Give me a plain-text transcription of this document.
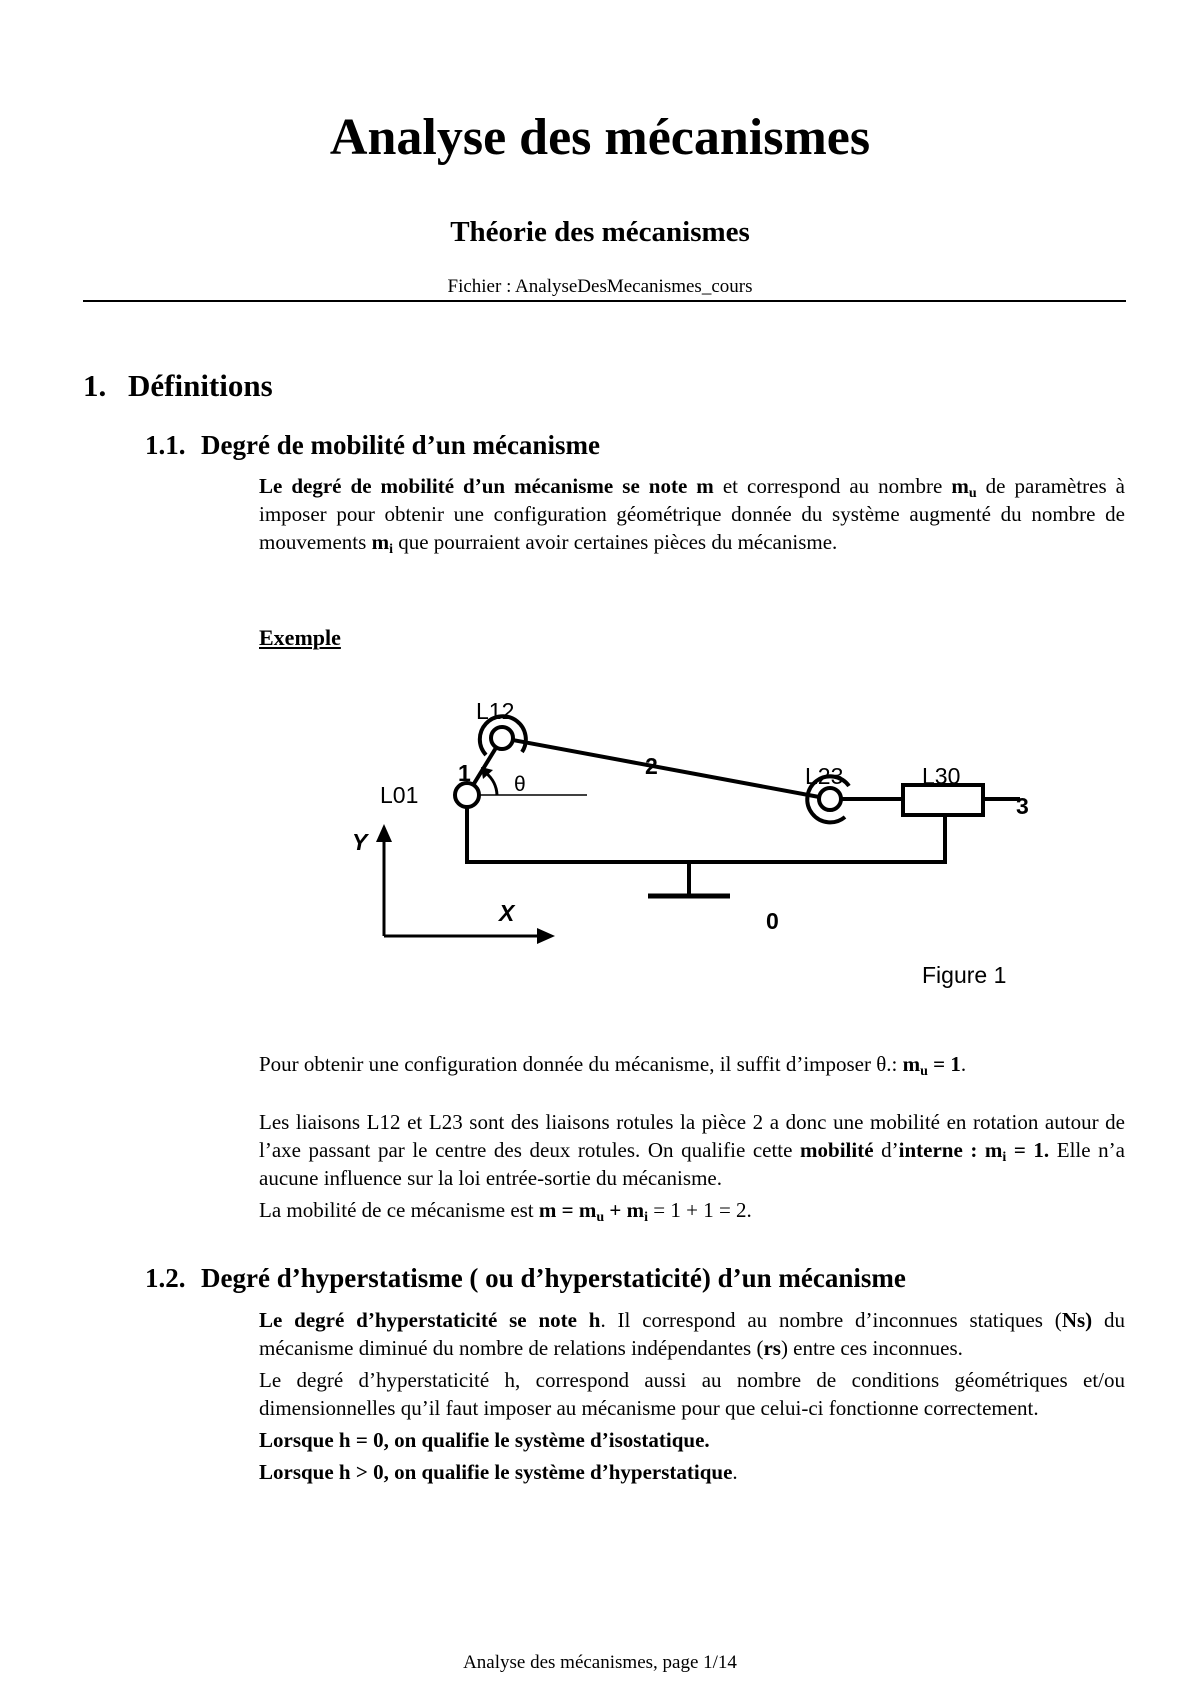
Analyse des mécanismes
Théorie des mécanismes
Fichier : AnalyseDesMecanismes_cours
1. Définitions
1.1. Degré de mobilité d’un mécanisme

Le degré de mobilité d’un mécanisme se note m et correspond au nombre $m_u$ de paramètres à imposer pour obtenir une configuration géométrique donnée du système augmenté du nombre de mouvements $m_i$ que pourraient avoir certaines pièces du mécanisme.

Exemple
L12
2	L23	L30
3
1 θ
L01
Y
X	0
Figure 1

Pour obtenir une configuration donnée du mécanisme, il suffit d’imposer θ.: $m_u = 1$.

Les liaisons L12 et L23 sont des liaisons rotules la pièce 2 a donc une mobilité en rotation autour de l’axe passant par le centre des deux rotules. On qualifie cette mobilité d’interne : $m_i = 1$. Elle n’a aucune influence sur la loi entrée-sortie du mécanisme.

La mobilité de ce mécanisme est $m = m_u + m_i = 1 + 1 = 2$.

1.2. Degré d’hyperstatisme ( ou d’hyperstaticité) d’un mécanisme

Le degré d’hyperstaticité se note h. Il correspond au nombre d’inconnues statiques (Ns) du mécanisme diminué du nombre de relations indépendantes (rs) entre ces inconnues.

Le degré d’hyperstaticité h, correspond aussi au nombre de conditions géométriques et/ou dimensionnelles qu’il faut imposer au mécanisme pour que celui-ci fonctionne correctement.

Lorsque h = 0, on qualifie le système d’isostatique.

Lorsque h > 0, on qualifie le système d’hyperstatique.

Analyse des mécanismes, page 1/14
